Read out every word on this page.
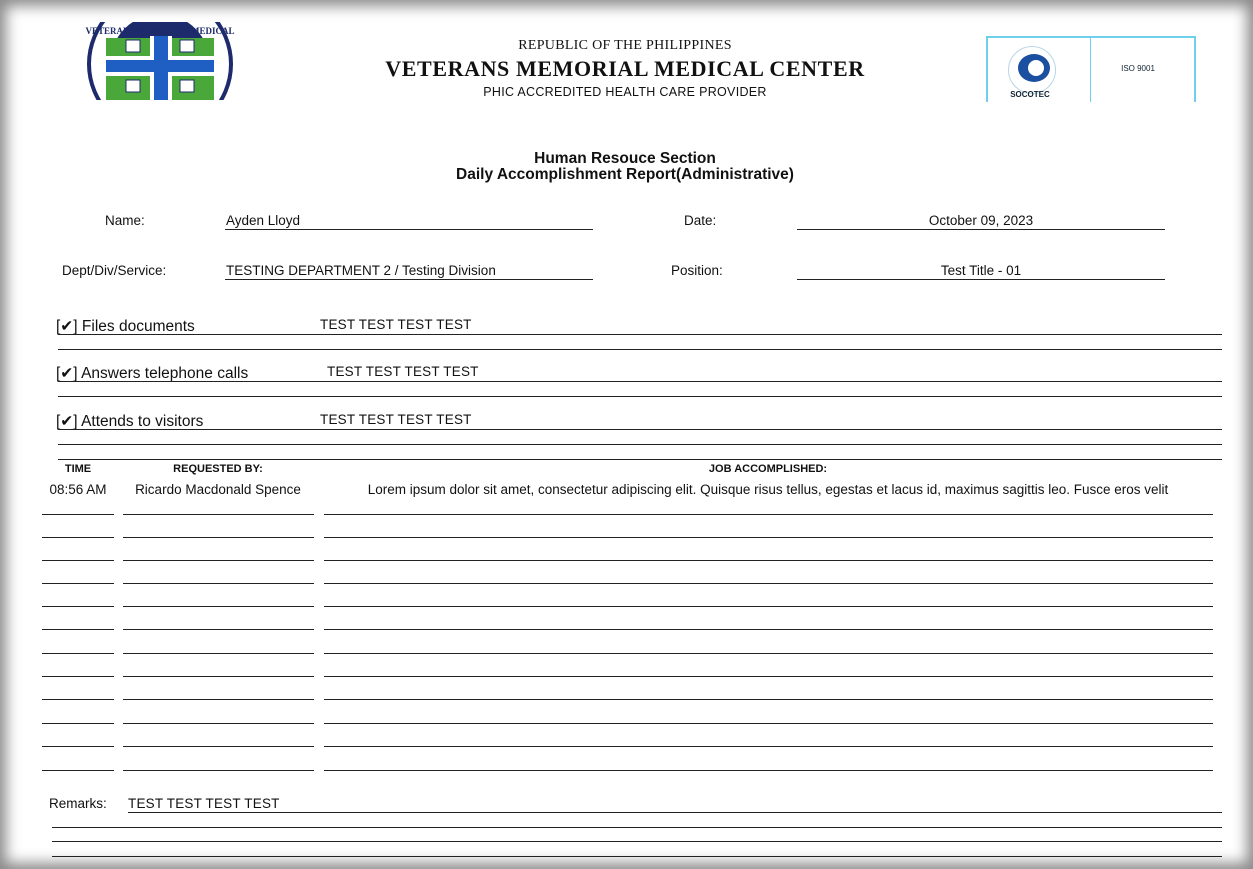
VETERANS MEMORIAL MEDICAL
REPUBLIC OF THE PHILIPPINES
VETERANS MEMORIAL MEDICAL CENTER
PHIC ACCREDITED HEALTH CARE PROVIDER	SOCOTEC
ISO 9001
Human Resouce Section
Daily Accomplishment Report(Administrative)
Name:	Ayden Lloyd	Date:	October 09, 2023
Dept/Div/Service:	TESTING DEPARTMENT 2 / Testing Division	Position:	Test Title - 01
[✔] Files documents	TEST TEST TEST TEST
[✔] Answers telephone calls	TEST TEST TEST TEST
[✔] Attends to visitors	TEST TEST TEST TEST
TIME	REQUESTED BY:	JOB ACCOMPLISHED:
08:56 AM	Ricardo Macdonald Spence	Lorem ipsum dolor sit amet, consectetur adipiscing elit. Quisque risus tellus, egestas et lacus id, maximus sagittis leo. Fusce eros velit
Remarks: TEST TEST TEST TEST
